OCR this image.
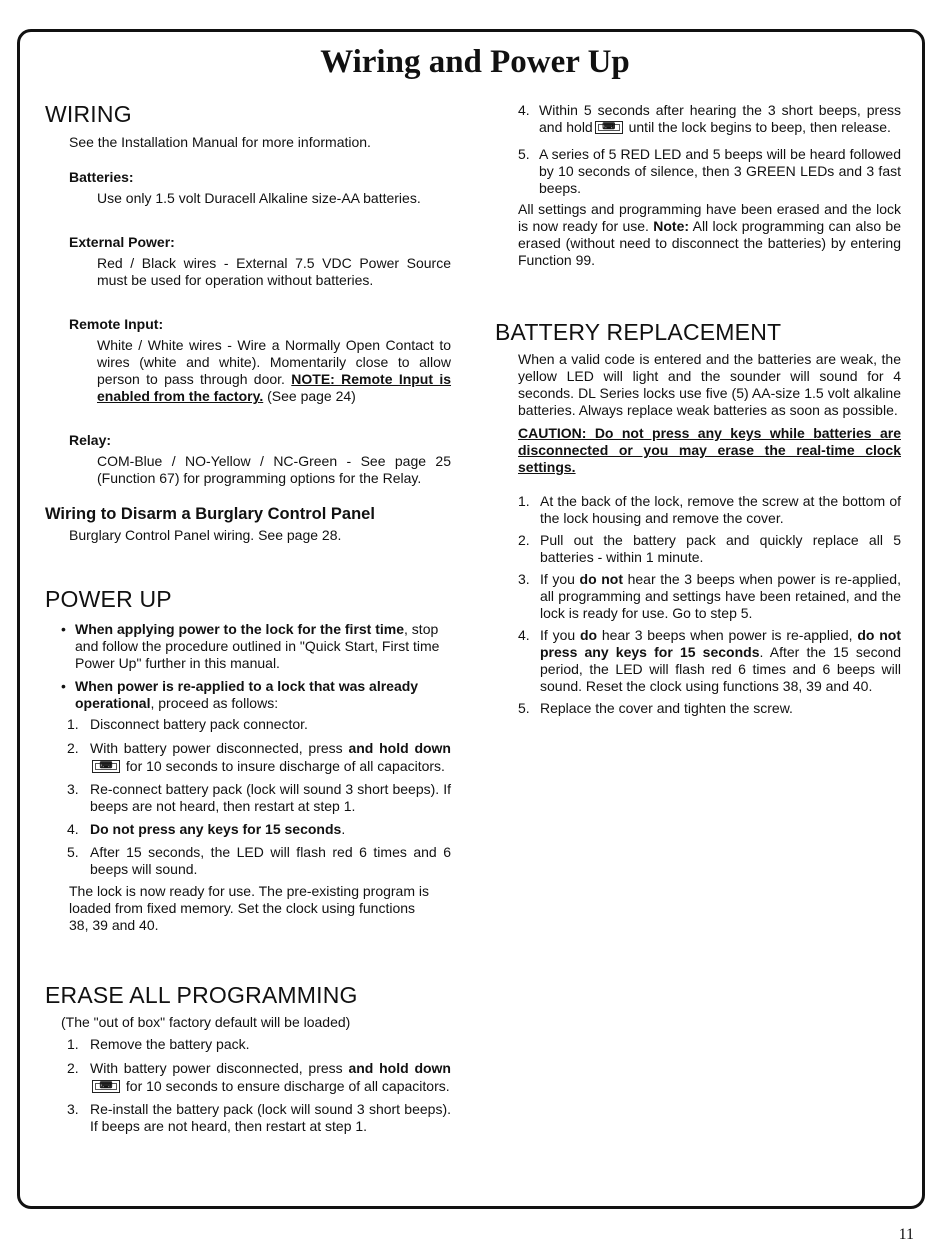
Wiring and Power Up
WIRING

See the Installation Manual for more information.

Batteries:

Use only 1.5 volt Duracell Alkaline size-AA batteries.

External Power:

Red / Black wires - External 7.5 VDC Power Source must be used for operation without batteries.

Remote Input:

White / White wires - Wire a Normally Open Contact to wires (white and white). Momentarily close to allow person to pass through door. NOTE: Remote Input is enabled from the factory. (See page 24)

Relay:

COM-Blue / NO-Yellow / NC-Green - See page 25 (Function 67) for programming options for the Relay.

Wiring to Disarm a Burglary Control Panel

Burglary Control Panel wiring. See page 28.

POWER UP
• When applying power to the lock for the first time, stop and follow the procedure outlined in "Quick Start, First time Power Up" further in this manual.
• When power is re-applied to a lock that was already operational, proceed as follows:
1. Disconnect battery pack connector.
2. With battery power disconnected, press and hold down
⌨ for 10 seconds to insure discharge of all capacitors.
3. Re-connect battery pack (lock will sound 3 short beeps). If beeps are not heard, then restart at step 1.
4. Do not press any keys for 15 seconds.
5. After 15 seconds, the LED will flash red 6 times and 6 beeps will sound.

The lock is now ready for use. The pre-existing program is loaded from fixed memory. Set the clock using functions 38, 39 and 40.

ERASE ALL PROGRAMMING

(The "out of box" factory default will be loaded)

1. Remove the battery pack.
2. With battery power disconnected, press and hold down
⌨ for 10 seconds to ensure discharge of all capacitors.
3. Re-install the battery pack (lock will sound 3 short beeps). If beeps are not heard, then restart at step 1.
4. Within 5 seconds after hearing the 3 short beeps, press and hold	⌨ until the lock begins to beep, then release.
5. A series of 5 RED LED and 5 beeps will be heard followed by 10 seconds of silence, then 3 GREEN LEDs and 3 fast beeps.

All settings and programming have been erased and the lock is now ready for use. Note: All lock programming can also be erased (without need to disconnect the batteries) by entering Function 99.

BATTERY REPLACEMENT

When a valid code is entered and the batteries are weak, the yellow LED will light and the sounder will sound for 4 seconds. DL Series locks use five (5) AA-size 1.5 volt alkaline batteries. Always replace weak batteries as soon as possible.

CAUTION: Do not press any keys while batteries are disconnected or you may erase the real-time clock settings.

1. At the back of the lock, remove the screw at the bottom of the lock housing and remove the cover.
2. Pull out the battery pack and quickly replace all 5 batteries - within 1 minute.
3. If you do not hear the 3 beeps when power is re-applied, all programming and settings have been retained, and the lock is ready for use. Go to step 5.
4. If you do hear 3 beeps when power is re-applied, do not press any keys for 15 seconds. After the 15 second period, the LED will flash red 6 times and 6 beeps will sound. Reset the clock using functions 38, 39 and 40.
5. Replace the cover and tighten the screw.
11
